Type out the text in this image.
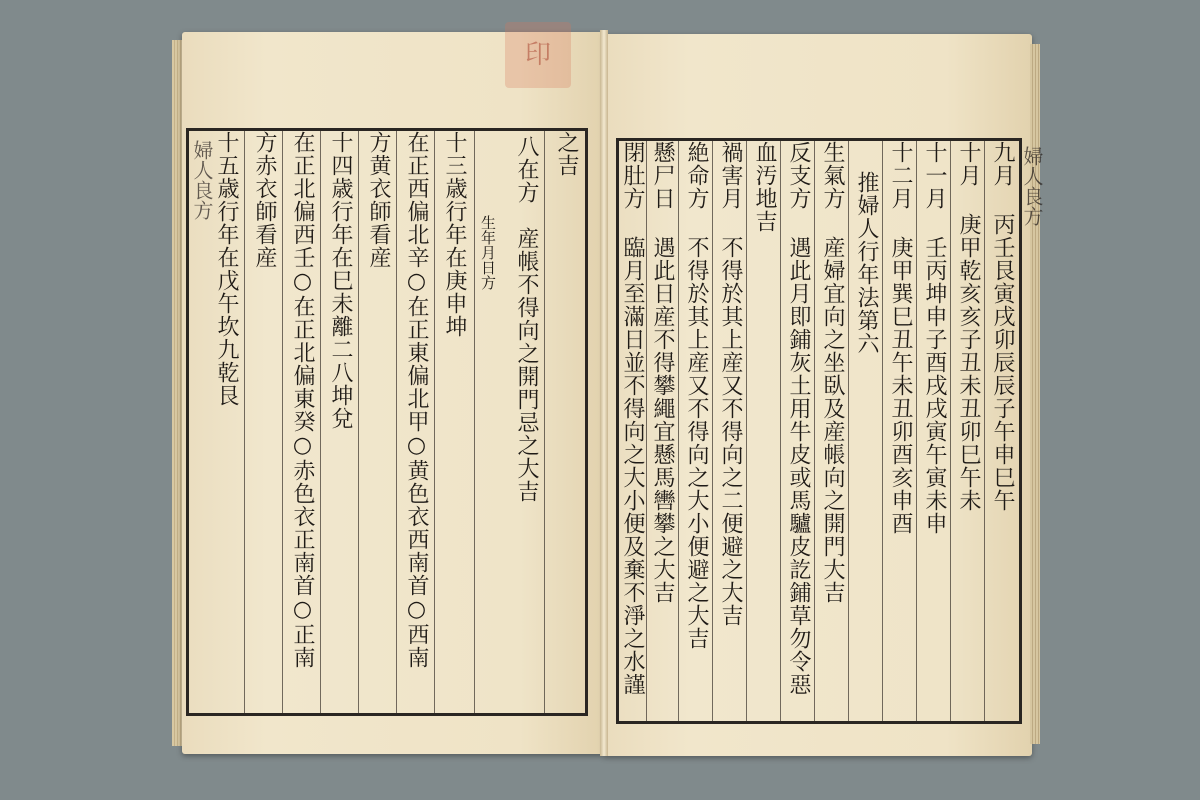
印
婦人良方	婦人良方
之吉
八在方
生年月日方 産帳不得向之開門忌之大吉
十三歳行年在庚申坤
在正西偏北辛○在正東偏北甲○黄色衣西南首○西南
方黄衣師看産
十四歳行年在巳未離二八坤兌
在正北偏西壬○在正北偏東癸○赤色衣正南首○正南
方赤衣師看産
十五歳行年在戊午坎九乾艮	九月 丙壬艮寅戌卯辰辰子午申巳午
十月 庚甲乾亥亥子丑未丑卯巳午未
十一月 壬丙坤申子酉戌戌寅午寅未申
十二月 庚甲巽巳丑午未丑卯酉亥申酉
推婦人行年法第六
生氣方 産婦宜向之坐臥及産帳向之開門大吉
反支方 遇此月即鋪灰土用牛皮或馬驢皮訖鋪草勿令惡
血汚地吉
禍害月 不得於其上産又不得向之二便避之大吉
絶命方 不得於其上産又不得向之大小便避之大吉
懸尸日 遇此日産不得攀繩宜懸馬轡攀之大吉
閉肚方 臨月至滿日並不得向之大小便及棄不淨之水謹
